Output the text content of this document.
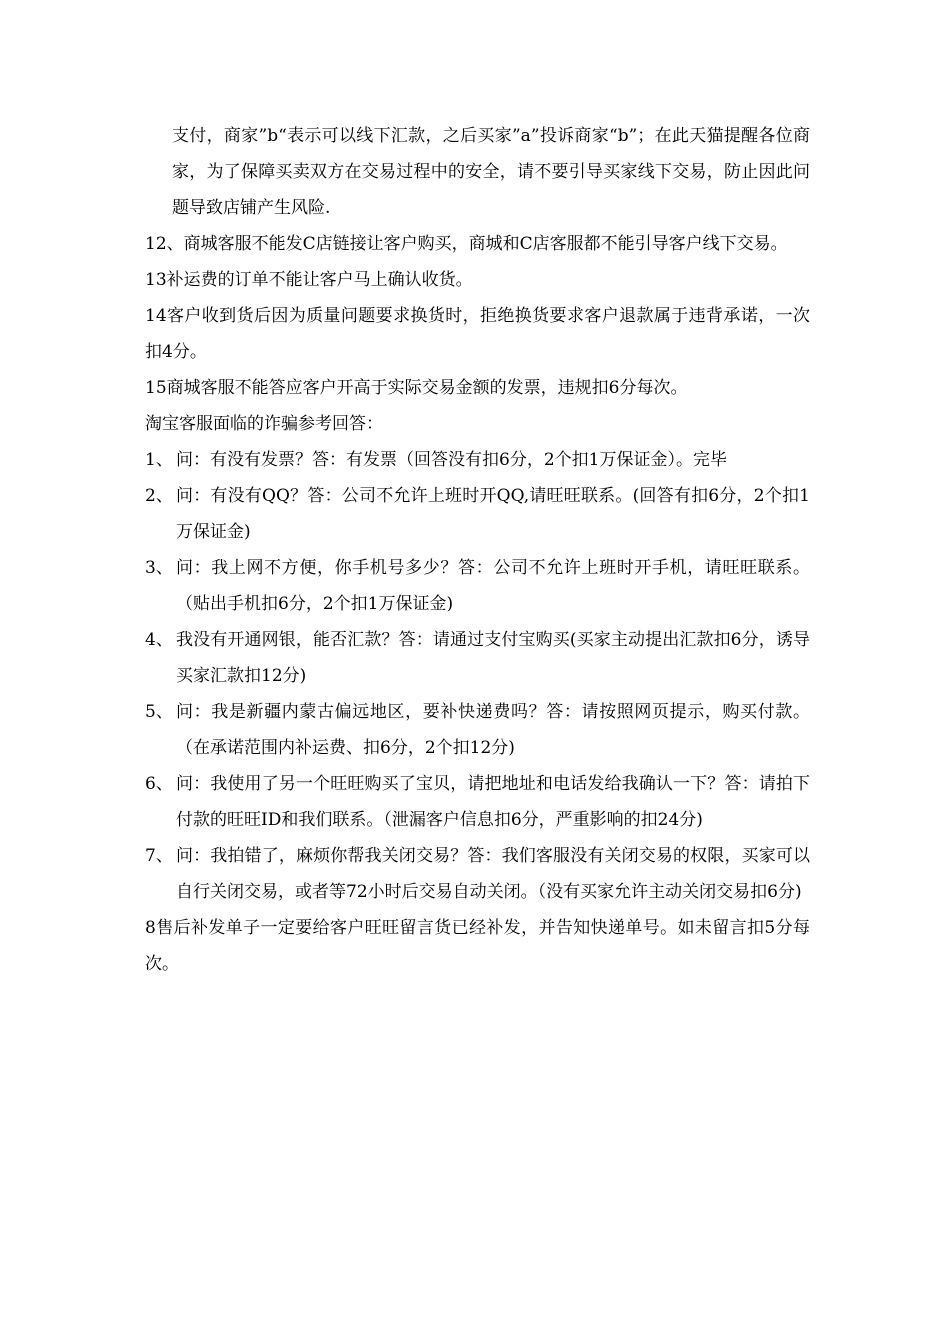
支付，商家”b“表示可以线下汇款，之后买家”a”投诉商家“b”；在此天猫提醒各位商家，为了保障买卖双方在交易过程中的安全，请不要引导买家线下交易，防止因此问题导致店铺产生风险.

12、商城客服不能发C店链接让客户购买，商城和C店客服都不能引导客户线下交易。

13补运费的订单不能让客户马上确认收货。

14客户收到货后因为质量问题要求换货时，拒绝换货要求客户退款属于违背承诺，一次扣4分。

15商城客服不能答应客户开高于实际交易金额的发票，违规扣6分每次。

淘宝客服面临的诈骗参考回答：

1、 问：有没有发票？答：有发票（回答没有扣6分，2个扣1万保证金）。完毕
2、 问：有没有QQ？答：公司不允许上班时开QQ,请旺旺联系。(回答有扣6分，2个扣1万保证金)
3、 问：我上网不方便，你手机号多少？答：公司不允许上班时开手机，请旺旺联系。（贴出手机扣6分，2个扣1万保证金)
4、 我没有开通网银，能否汇款？答：请通过支付宝购买(买家主动提出汇款扣6分，诱导买家汇款扣12分)
5、 问：我是新疆内蒙古偏远地区，要补快递费吗？答：请按照网页提示，购买付款。（在承诺范围内补运费、扣6分，2个扣12分)
6、 问：我使用了另一个旺旺购买了宝贝，请把地址和电话发给我确认一下？答：请拍下付款的旺旺ID和我们联系。（泄漏客户信息扣6分，严重影响的扣24分)
7、 问：我拍错了，麻烦你帮我关闭交易？答：我们客服没有关闭交易的权限，买家可以自行关闭交易，或者等72小时后交易自动关闭。（没有买家允许主动关闭交易扣6分)

8售后补发单子一定要给客户旺旺留言货已经补发，并告知快递单号。如未留言扣5分每次。
